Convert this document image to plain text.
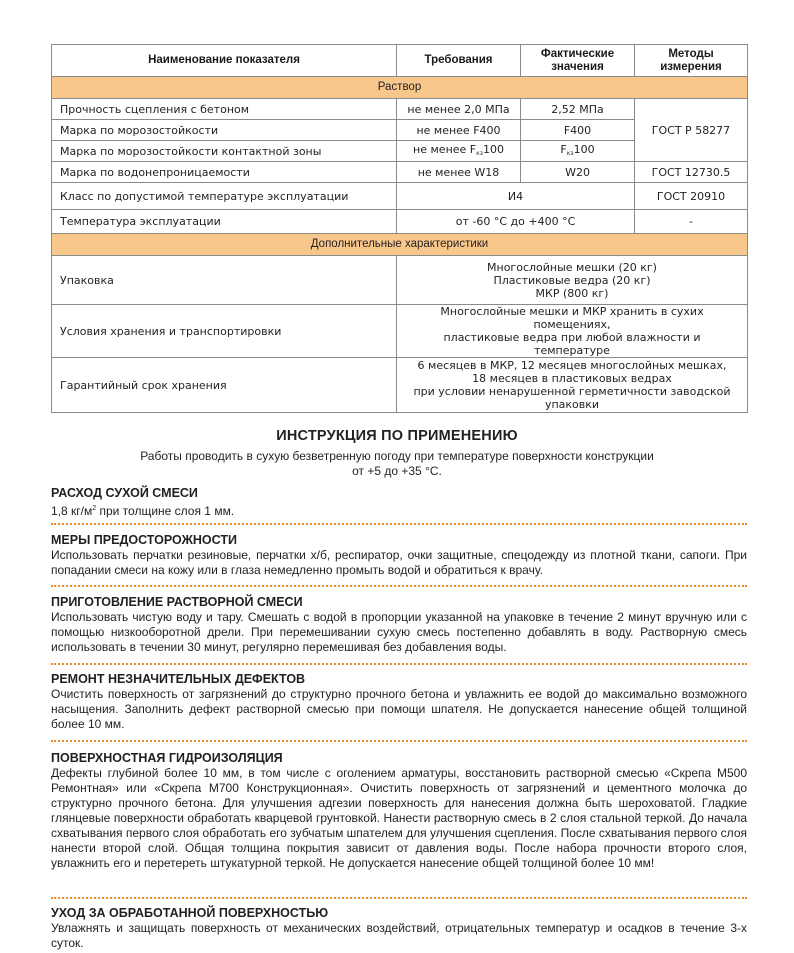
Наименование показателя	Требования	Фактические значения	Методы измерения
Раствор			
Прочность сцепления с бетоном	не менее 2,0 МПа	2,52 МПа	ГОСТ Р 58277
Марка по морозостойкости	не менее F400	F400	
Марка по морозостойкости контактной зоны	не менее $F_{кз}100$	$F_{кз}100$	
Марка по водонепроницаемости	не менее W18	W20	ГОСТ 12730.5
Класс по допустимой температуре эксплуатации	И4		ГОСТ 20910
Температура эксплуатации	от -60 °С до +400 °С		-
Дополнительные характеристики			
Упаковка	Многослойные мешки (20 кг)
Пластиковые ведра (20 кг)
МКР (800 кг)		

Условия хранения и транспортировки	Многослойные мешки и МКР хранить в сухих помещениях,
пластиковые ведра при любой влажности и температуре		

Гарантийный срок хранения	6 месяцев в МКР, 12 месяцев многослойных мешках,
18 месяцев в пластиковых ведрах
при условии ненарушенной герметичности заводской упаковки		
ИНСТРУКЦИЯ ПО ПРИМЕНЕНИЮ
Работы проводить в сухую безветренную погоду при температуре поверхности конструкции
от +5 до +35 °С.
РАСХОД СУХОЙ СМЕСИ

1,8 $кг/м^2$ при толщине слоя 1 мм.

МЕРЫ ПРЕДОСТОРОЖНОСТИ

Использовать перчатки резиновые, перчатки х/б, респиратор, очки защитные, спецодежду из плотной ткани, сапоги. При попадании смеси на кожу или в глаза немедленно промыть водой и обратиться к врачу.

ПРИГОТОВЛЕНИЕ РАСТВОРНОЙ СМЕСИ

Использовать чистую воду и тару. Смешать с водой в пропорции указанной на упаковке в течение 2 минут вручную или с помощью низкооборотной дрели. При перемешивании сухую смесь постепенно добавлять в воду. Растворную смесь использовать в течении 30 минут, регулярно перемешивая без добавления воды.

РЕМОНТ НЕЗНАЧИТЕЛЬНЫХ ДЕФЕКТОВ

Очистить поверхность от загрязнений до структурно прочного бетона и увлажнить ее водой до максимально возможного насыщения. Заполнить дефект растворной смесью при помощи шпателя. Не допускается нанесение общей толщиной более 10 мм.

ПОВЕРХНОСТНАЯ ГИДРОИЗОЛЯЦИЯ

Дефекты глубиной более 10 мм, в том числе с оголением арматуры, восстановить растворной смесью «Скрепа М500 Ремонтная» или «Скрепа М700 Конструкционная». Очистить поверхность от загрязнений и цементного молочка до структурно прочного бетона. Для улучшения адгезии поверхность для нанесения должна быть шероховатой. Гладкие глянцевые поверхности обработать кварцевой грунтовкой. Нанести растворную смесь в 2 слоя стальной теркой. До начала схватывания первого слоя обработать его зубчатым шпателем для улучшения сцепления. После схватывания первого слоя нанести второй слой. Общая толщина покрытия зависит от давления воды. После набора прочности второго слоя, увлажнить его и перетереть штукатурной теркой. Не допускается нанесение общей толщиной более 10 мм!

УХОД ЗА ОБРАБОТАННОЙ ПОВЕРХНОСТЬЮ

Увлажнять и защищать поверхность от механических воздействий, отрицательных температур и осадков в течение 3-х суток.
